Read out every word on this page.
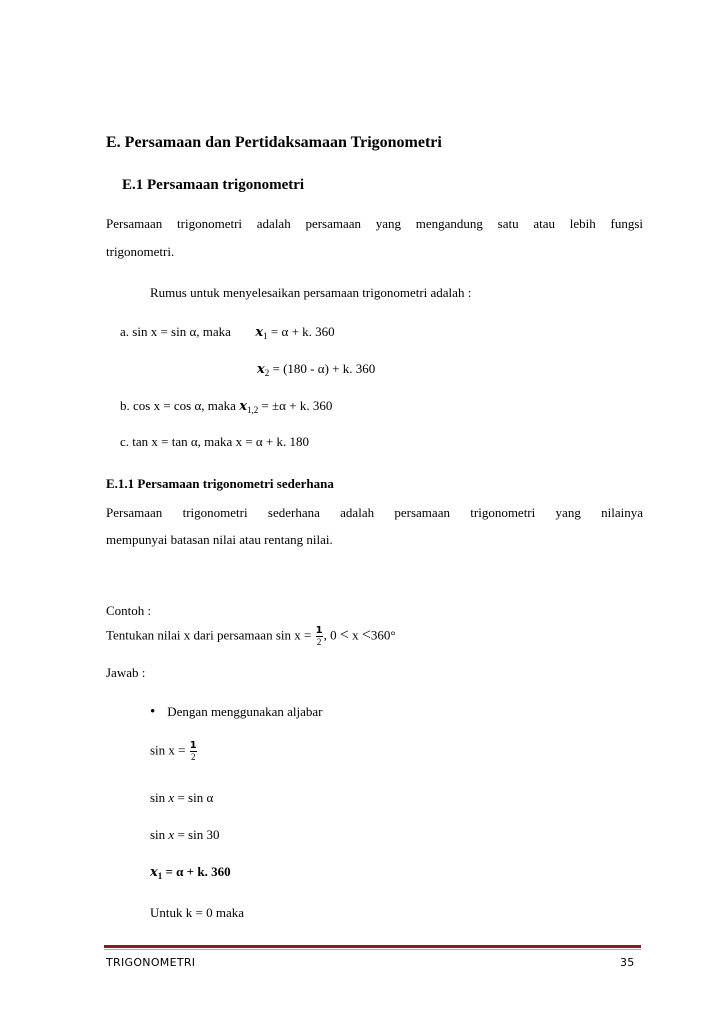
E. Persamaan dan Pertidaksamaan Trigonometri
E.1 Persamaan trigonometri
Persamaan trigonometri adalah persamaan yang mengandung satu atau lebih fungsi
trigonometri.
Rumus untuk menyelesaikan persamaan trigonometri adalah :
a. sin x = sin α, maka $x_1 = \alpha + k$. 360
$x_2 = (180 - \alpha) + k$. 360
b. cos x = cos α, maka $x_{1,2} = \pm\alpha + k$. 360
c. tan x = tan α, maka x = α + k. 180
E.1.1 Persamaan trigonometri sederhana
Persamaan trigonometri sederhana adalah persamaan trigonometri yang nilainya
mempunyai batasan nilai atau rentang nilai.
Contoh :
Tentukan nilai x dari persamaan $\sin x = \frac{1}{2}$ , 0 < x <360°
Jawab :
• Dengan menggunakan aljabar
$\sin x = \frac{1}{2}$
sin x = sin α
sin x = sin 30
$x_1 = \alpha + k$. 360
Untuk k = 0 maka
TRIGONOMETRI	35
